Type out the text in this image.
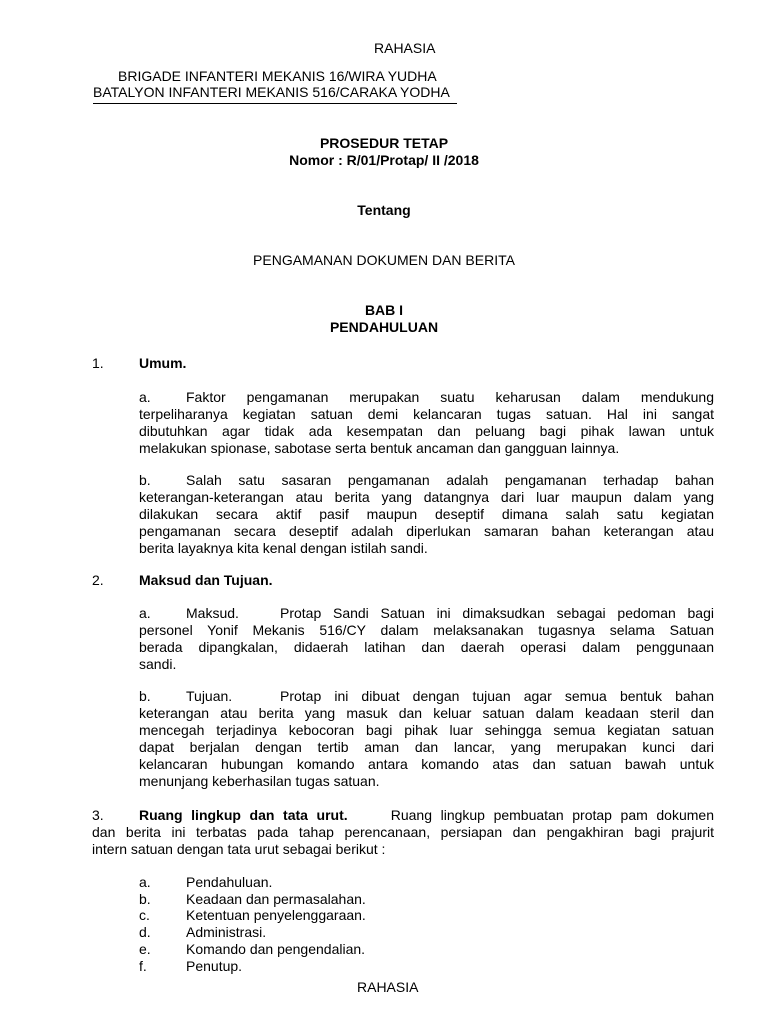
RAHASIA
BRIGADE INFANTERI MEKANIS 16/WIRA YUDHA
BATALYON INFANTERI MEKANIS 516/CARAKA YODHA
PROSEDUR TETAP
Nomor : R/01/Protap/ II /2018
Tentang
PENGAMANAN DOKUMEN DAN BERITA
BAB I
PENDAHULUAN
1.	Umum.
a.	Faktor pengamanan merupakan suatu keharusan dalam mendukung
terpeliharanya kegiatan satuan demi kelancaran tugas satuan. Hal ini sangat
dibutuhkan agar tidak ada kesempatan dan peluang bagi pihak lawan untuk
melakukan spionase, sabotase serta bentuk ancaman dan gangguan lainnya.
b.	Salah satu sasaran pengamanan adalah pengamanan terhadap bahan
keterangan-keterangan atau berita yang datangnya dari luar maupun dalam yang
dilakukan secara aktif pasif maupun deseptif dimana salah satu kegiatan
pengamanan secara deseptif adalah diperlukan samaran bahan keterangan atau
berita layaknya kita kenal dengan istilah sandi.
2.	Maksud dan Tujuan.
a.	Maksud.	Protap Sandi Satuan ini dimaksudkan sebagai pedoman bagi
personel Yonif Mekanis 516/CY dalam melaksanakan tugasnya selama Satuan
berada dipangkalan, didaerah latihan dan daerah operasi dalam penggunaan
sandi.
b.	Tujuan.	Protap ini dibuat dengan tujuan agar semua bentuk bahan
keterangan atau berita yang masuk dan keluar satuan dalam keadaan steril dan
mencegah terjadinya kebocoran bagi pihak luar sehingga semua kegiatan satuan
dapat berjalan dengan tertib aman dan lancar, yang merupakan kunci dari
kelancaran hubungan komando antara komando atas dan satuan bawah untuk
menunjang keberhasilan tugas satuan.
3.	Ruang lingkup dan tata urut.	Ruang lingkup pembuatan protap pam dokumen
dan berita ini terbatas pada tahap perencanaan, persiapan dan pengakhiran bagi prajurit
intern satuan dengan tata urut sebagai berikut :
a.	Pendahuluan.
b.	Keadaan dan permasalahan.
c.	Ketentuan penyelenggaraan.
d.	Administrasi.
e.	Komando dan pengendalian.
f.	Penutup.
RAHASIA
